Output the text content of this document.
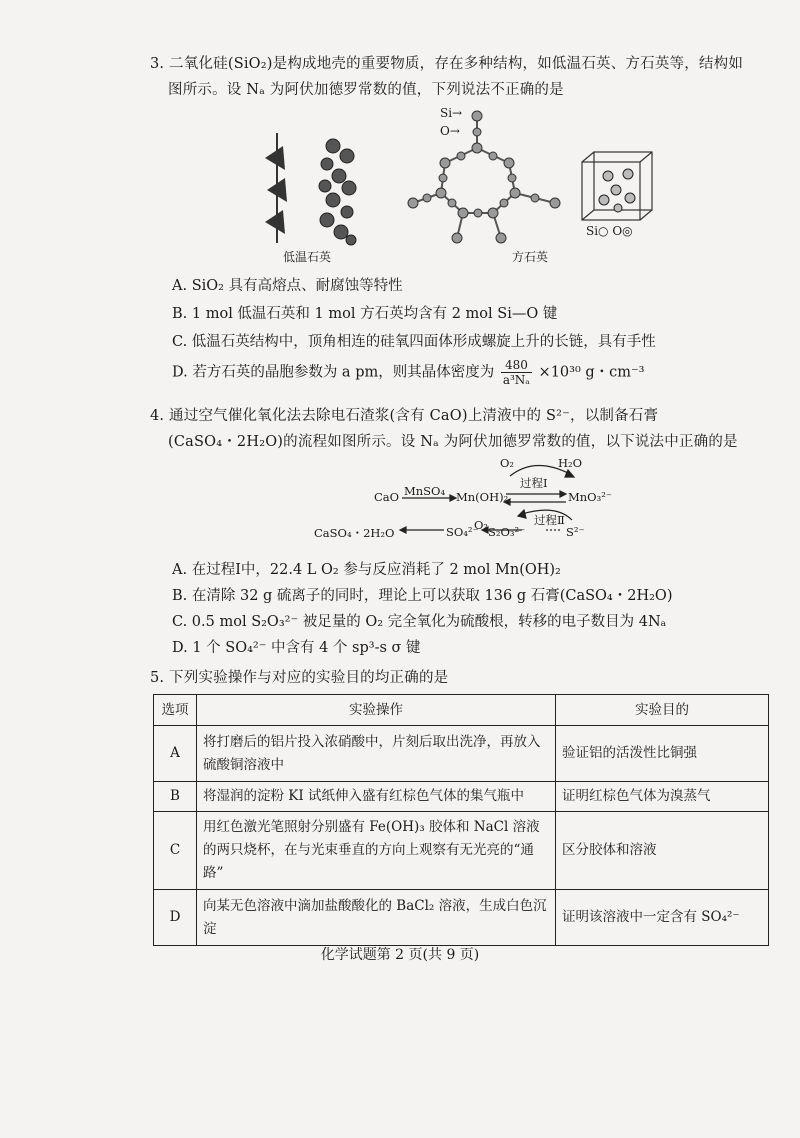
3. 二氧化硅(SiO₂)是构成地壳的重要物质，存在多种结构，如低温石英、方石英等，结构如
图所示。设 Nₐ 为阿伏加德罗常数的值，下列说法不正确的是
低温石英
Si→
O→
方石英
Si○ O◎
A. SiO₂ 具有高熔点、耐腐蚀等特性
B. 1 mol 低温石英和 1 mol 方石英均含有 2 mol Si—O 键
C. 低温石英结构中，顶角相连的硅氧四面体形成螺旋上升的长链，具有手性
D. 若方石英的晶胞参数为 a pm，则其晶体密度为 $\frac{480}{\text{a³Nₐ}} \times 10^{30}$ g・cm⁻³
4. 通过空气催化氧化法去除电石渣浆(含有 CaO)上清液中的 S²⁻，以制备石膏
(CaSO₄・2H₂O)的流程如图所示。设 Nₐ 为阿伏加德罗常数的值，以下说法中正确的是
O₂	H₂O
过程Ⅰ
CaO MnSO₄ Mn(OH)₂	MnO₃²⁻
过程Ⅱ
O₂
CaSO₄・2H₂O	SO₄²⁻ S₂O₃²⁻	S²⁻
A. 在过程Ⅰ中，22.4 L O₂ 参与反应消耗了 2 mol Mn(OH)₂
B. 在清除 32 g 硫离子的同时，理论上可以获取 136 g 石膏(CaSO₄・2H₂O)
C. 0.5 mol S₂O₃²⁻ 被足量的 O₂ 完全氧化为硫酸根，转移的电子数目为 4Nₐ
D. 1 个 SO₄²⁻ 中含有 4 个 sp³-s σ 键
5. 下列实验操作与对应的实验目的均正确的是
选项	实验操作	实验目的
A	将打磨后的铝片投入浓硝酸中，片刻后取出洗净，再放入硫酸铜溶液中	验证铝的活泼性比铜强
B	将湿润的淀粉 KI 试纸伸入盛有红棕色气体的集气瓶中	证明红棕色气体为溴蒸气
C	用红色激光笔照射分别盛有 Fe(OH)₃ 胶体和 NaCl 溶液的两只烧杯，在与光束垂直的方向上观察有无光亮的“通路”	区分胶体和溶液
D	向某无色溶液中滴加盐酸酸化的 BaCl₂ 溶液，生成白色沉淀	证明该溶液中一定含有 SO₄²⁻
化学试题第 2 页(共 9 页)
